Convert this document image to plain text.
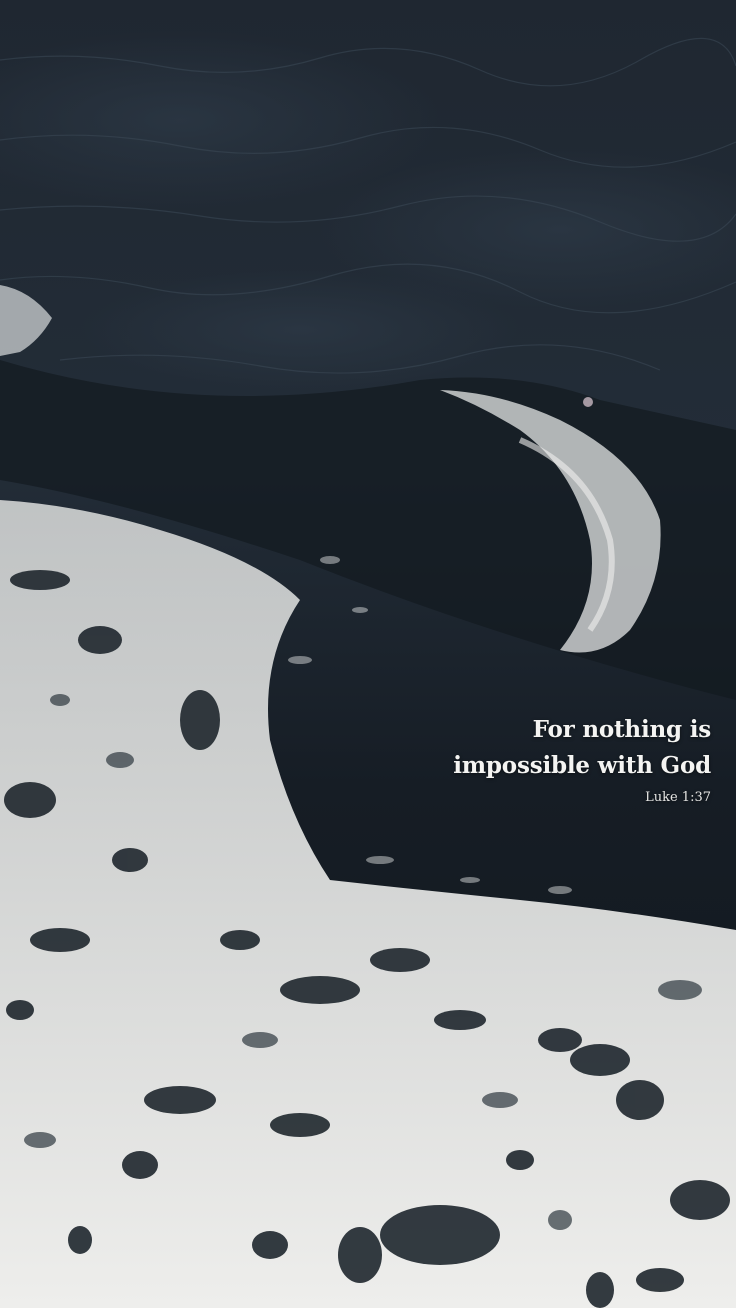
For nothing is
impossible with God
Luke 1:37
